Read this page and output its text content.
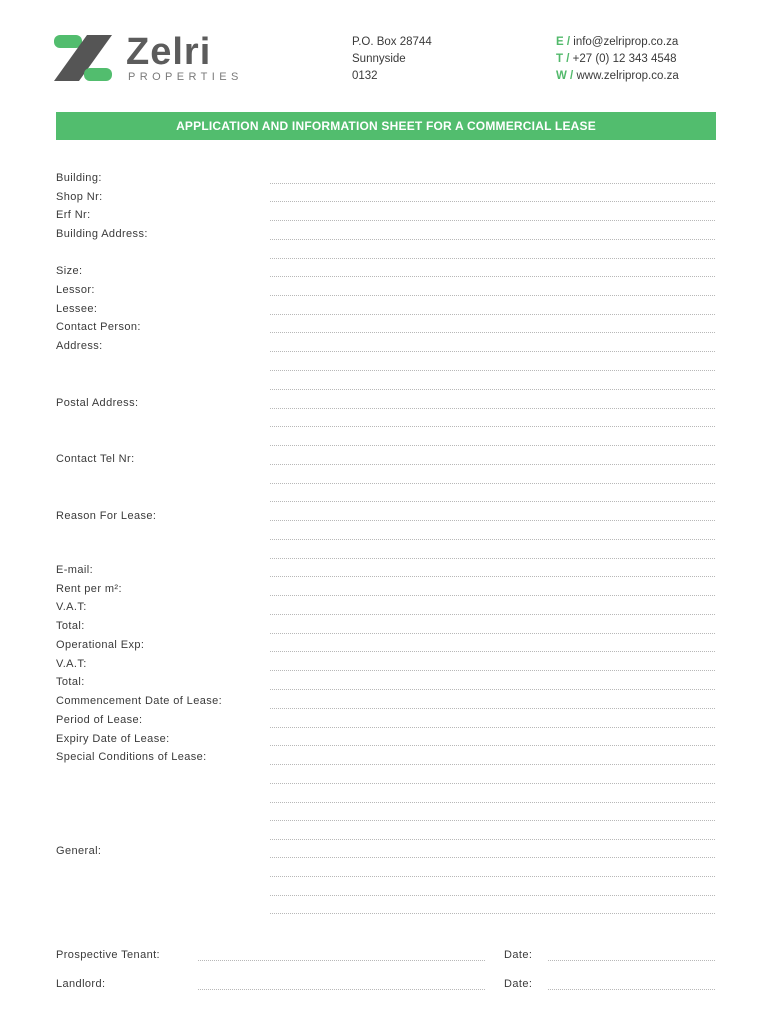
Zelri
PROPERTIES
P.O. Box 28744
Sunnyside
0132
E / info@zelriprop.co.za
T / +27 (0) 12 343 4548
W / www.zelriprop.co.za
APPLICATION AND INFORMATION SHEET FOR A COMMERCIAL LEASE
Building:
Shop Nr:
Erf Nr:
Building Address:
Size:
Lessor:
Lessee:
Contact Person:
Address:
Postal Address:
Contact Tel Nr:
Reason For Lease:
E-mail:
Rent per m²:
V.A.T:
Total:
Operational Exp:
V.A.T:
Total:
Commencement Date of Lease:
Period of Lease:
Expiry Date of Lease:
Special Conditions of Lease:
General:
Prospective Tenant:	Date:
Landlord:	Date:
